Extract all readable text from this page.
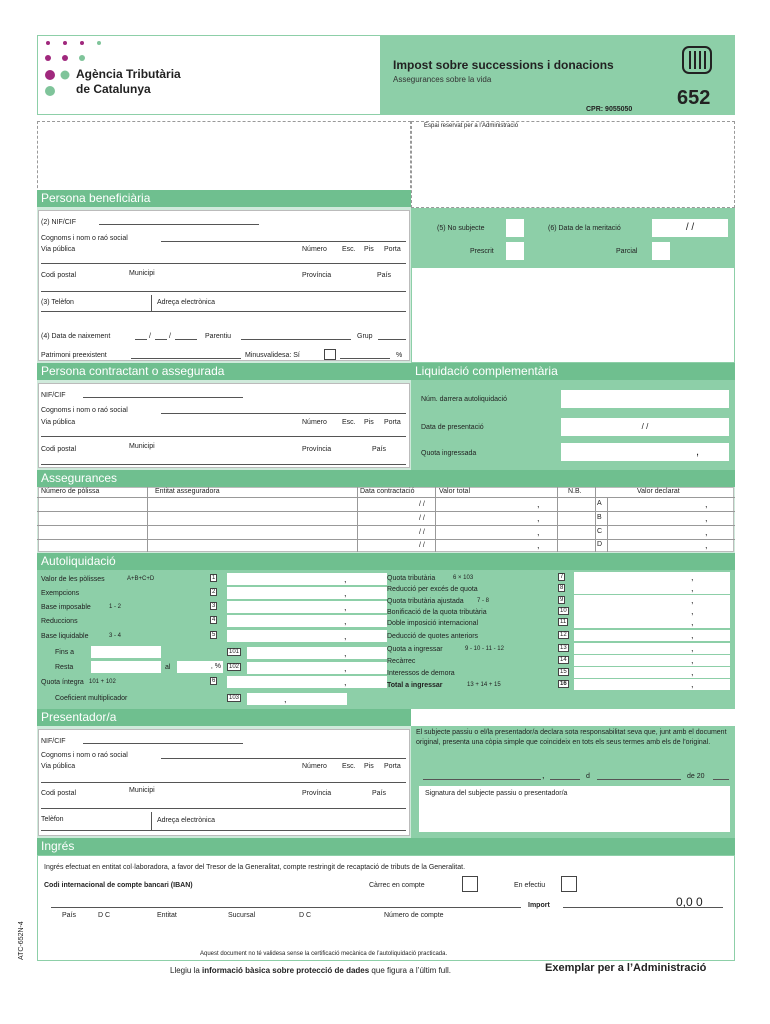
Agència Tributària
de Catalunya
Impost sobre successions i donacions
Assegurances sobre la vida
CPR: 9055050
652
Espai reservat per a l’Administració
Persona beneficiària
(2) NIF/CIF
Cognoms i nom o raó social
Via pública	Número Esc. Pis Porta
Codi postal	Municipi	Província	País
(3) Telèfon	Adreça electrònica
(4) Data de naixement	/	/	Parentiu	Grup
Patrimoni preexistent	Minusvalidesa: Sí	%
(5) No subjecte	(6) Data de la meritació	/ /
Prescrit	Parcial
Persona contractant o assegurada
NIF/CIF
Cognoms i nom o raó social
Via pública	Número Esc. Pis Porta
Codi postal	Municipi	Província	País
Liquidació complementària
Núm. darrera autoliquidació
Data de presentació	/ /
Quota ingressada	,
Assegurances
Número de pòlissa	Entitat asseguradora	Data contractació	Valor total	N.B.	Valor declarat
/ /	,	A	,
/ /	,	B	,
/ /	,	C	,
/ /	,	D	,
Autoliquidació
Valor de les pòlisses	A+B+C+D	1	,
Exempcions	2	,
Base imposable	1 - 2	3	,
Reduccions	4	,
Base liquidable	3 - 4	5	,
Fins a	101	,
Resta	al	, %	102	,
Quota íntegra 101 + 102	6	,
Coeficient multiplicador	103	,
Quota tributària	6 × 103	7	,
Reducció per excés de quota	8	,
Quota tributària ajustada 7 - 8	9	,
Bonificació de la quota tributària	10	,
Doble imposició internacional	11	,
Deducció de quotes anteriors	12	,
Quota a ingressar	9 - 10 - 11 - 12	13	,
Recàrrec	14	,
Interessos de demora	15	,
Total a ingressar	13 + 14 + 15	16	,
Presentador/a
NIF/CIF
Cognoms i nom o raó social
Via pública	Número Esc. Pis Porta
Codi postal	Municipi	Província	País
Telèfon	Adreça electrònica
El subjecte passiu o el/la presentador/a declara sota responsabilitat seva que, junt amb el document original, presenta una còpia simple que coincideix en tots els seus termes amb els de l’original.
,	d	de 20
Signatura del subjecte passiu o presentador/a
Ingrés
Ingrés efectuat en entitat col·laboradora, a favor del Tresor de la Generalitat, compte restringit de recaptació de tributs de la Generalitat.
Codi internacional de compte bancari (IBAN)	Càrrec en compte	En efectiu
Import	0,0 0
País	D C	Entitat	Sucursal	D C	Número de compte
Aquest document no té validesa sense la certificació mecànica de l’autoliquidació practicada.
ATC-652N-4
Llegiu la informació bàsica sobre protecció de dades que figura a l’últim full.	Exemplar per a l’Administració
